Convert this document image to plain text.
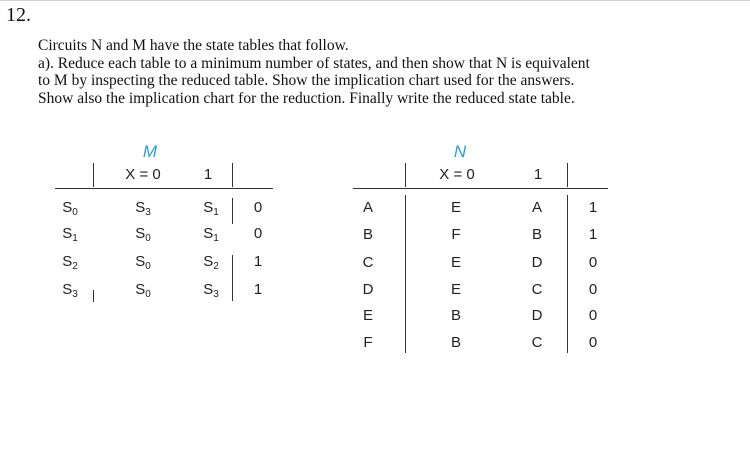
12.
Circuits N and M have the state tables that follow.
a). Reduce each table to a minimum number of states, and then show that N is equivalent
to M by inspecting the reduced table. Show the implication chart used for the answers.
Show also the implication chart for the reduction. Finally write the reduced state table.
M
X = 0	1
$S_0$	$S_3$	$S_1$	0
$S_1$	$S_0$	$S_1$	0
$S_2$	$S_0$	$S_2$	1
$S_3$	$S_0$	$S_3$	1
N
X = 0	1
A	E	A	1
B	F	B	1
C	E	D	0
D	E	C	0
E	B	D	0
F	B	C	0
